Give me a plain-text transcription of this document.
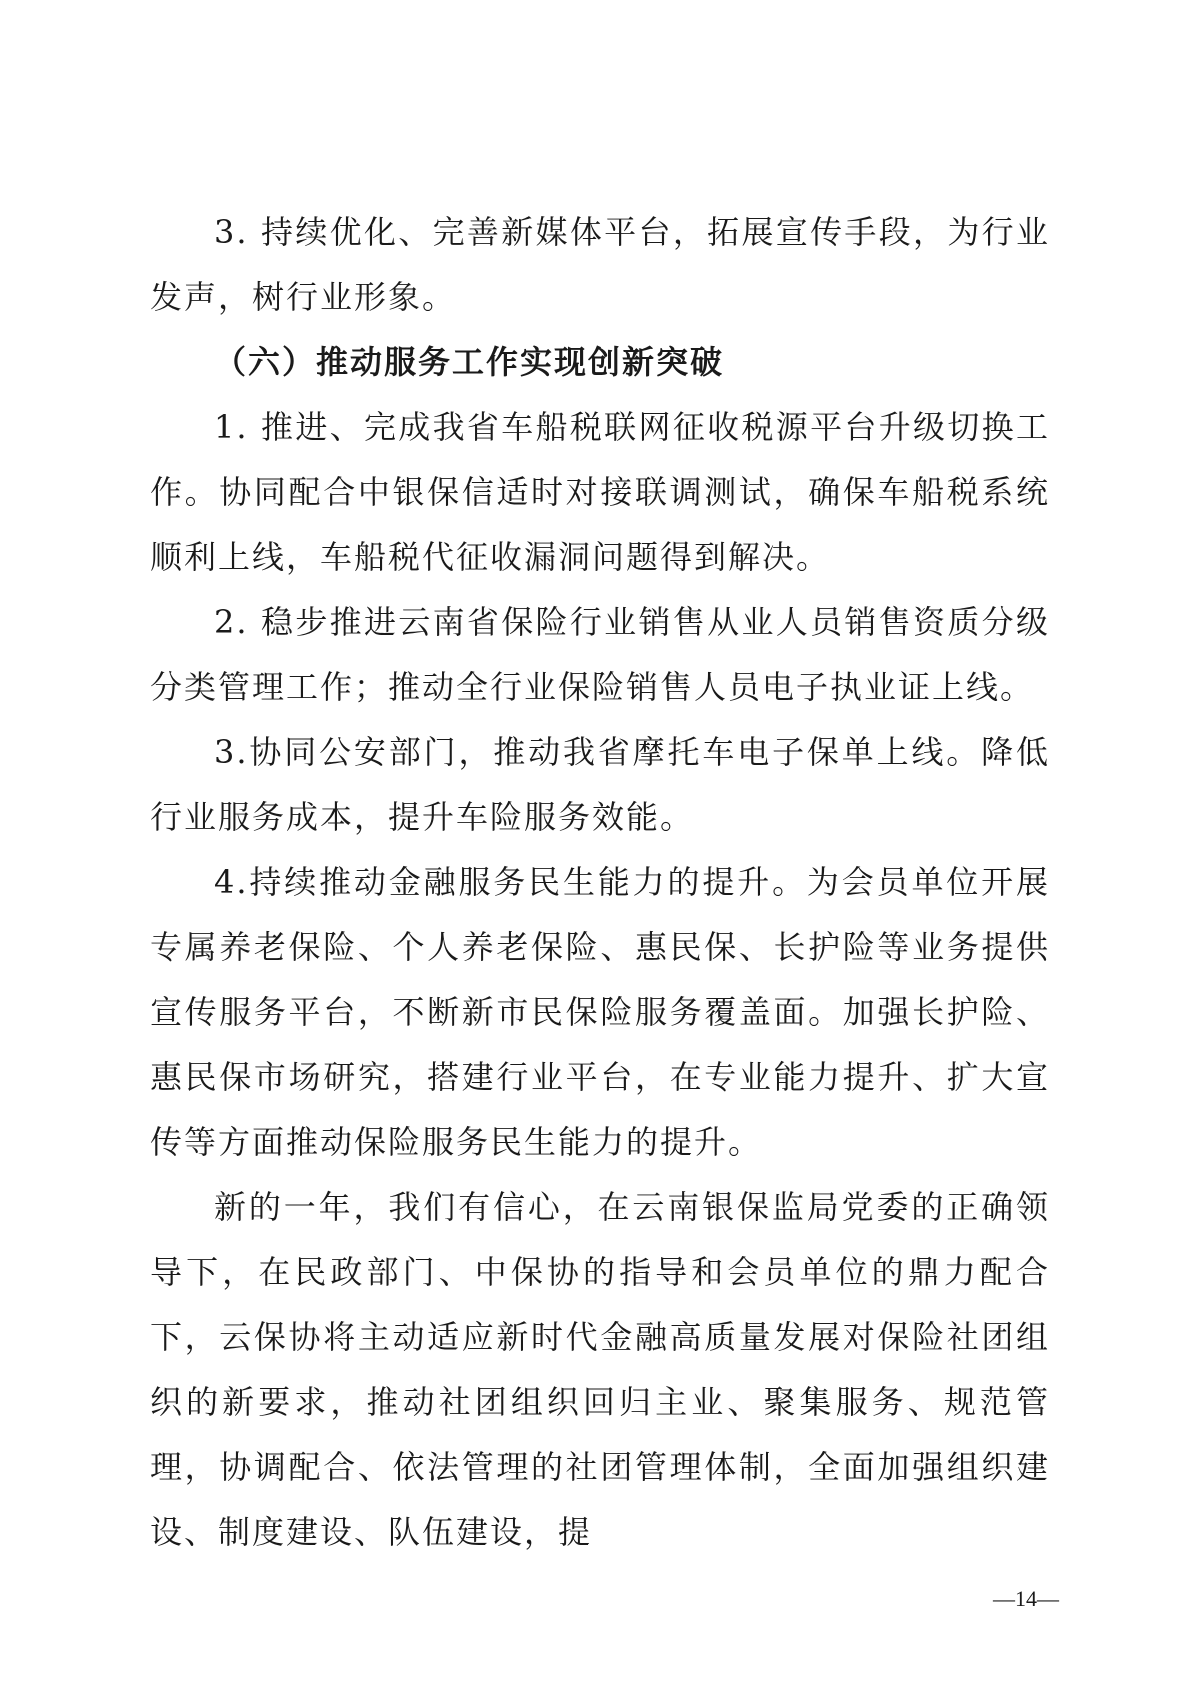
3. 持续优化、完善新媒体平台，拓展宣传手段，为行业发声，树行业形象。

（六）推动服务工作实现创新突破

1. 推进、完成我省车船税联网征收税源平台升级切换工作。协同配合中银保信适时对接联调测试，确保车船税系统顺利上线，车船税代征收漏洞问题得到解决。

2. 稳步推进云南省保险行业销售从业人员销售资质分级分类管理工作；推动全行业保险销售人员电子执业证上线。

3.协同公安部门，推动我省摩托车电子保单上线。降低行业服务成本，提升车险服务效能。

4.持续推动金融服务民生能力的提升。为会员单位开展专属养老保险、个人养老保险、惠民保、长护险等业务提供宣传服务平台，不断新市民保险服务覆盖面。加强长护险、惠民保市场研究，搭建行业平台，在专业能力提升、扩大宣传等方面推动保险服务民生能力的提升。

新的一年，我们有信心，在云南银保监局党委的正确领导下，在民政部门、中保协的指导和会员单位的鼎力配合下，云保协将主动适应新时代金融高质量发展对保险社团组织的新要求，推动社团组织回归主业、聚集服务、规范管理，协调配合、依法管理的社团管理体制，全面加强组织建设、制度建设、队伍建设，提

—14—
